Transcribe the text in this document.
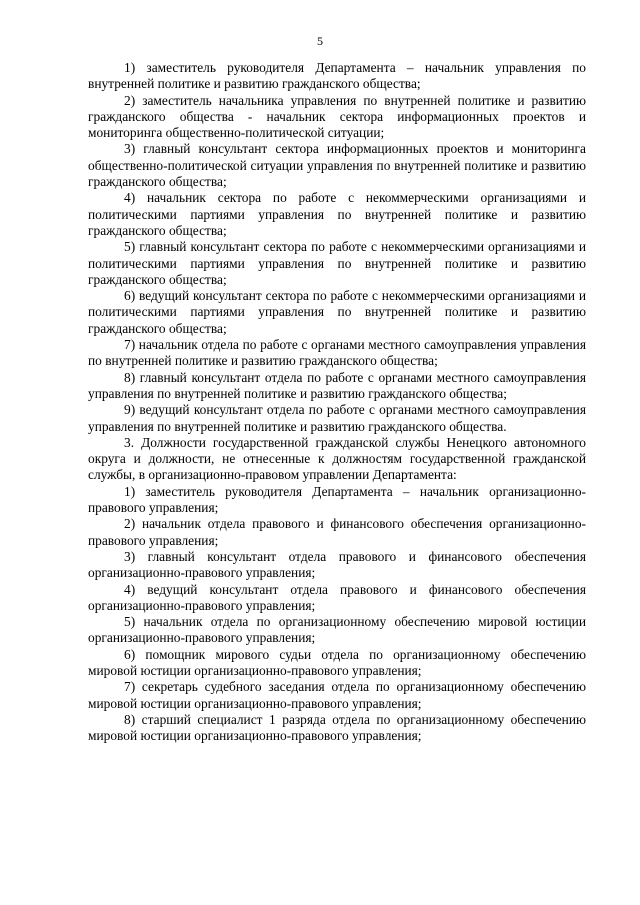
5

1) заместитель руководителя Департамента – начальник управления по внутренней политике и развитию гражданского общества;

2) заместитель начальника управления по внутренней политике и развитию гражданского общества - начальник сектора информационных проектов и мониторинга общественно-политической ситуации;

3) главный консультант сектора информационных проектов и мониторинга общественно-политической ситуации управления по внутренней политике и развитию гражданского общества;

4) начальник сектора по работе с некоммерческими организациями и политическими партиями управления по внутренней политике и развитию гражданского общества;

5) главный консультант сектора по работе с некоммерческими организациями и политическими партиями управления по внутренней политике и развитию гражданского общества;

6) ведущий консультант сектора по работе с некоммерческими организациями и политическими партиями управления по внутренней политике и развитию гражданского общества;

7) начальник отдела по работе с органами местного самоуправления управления по внутренней политике и развитию гражданского общества;

8) главный консультант отдела по работе с органами местного самоуправления управления по внутренней политике и развитию гражданского общества;

9) ведущий консультант отдела по работе с органами местного самоуправления управления по внутренней политике и развитию гражданского общества.

3. Должности государственной гражданской службы Ненецкого автономного округа и должности, не отнесенные к должностям государственной гражданской службы, в организационно-правовом управлении Департамента:

1) заместитель руководителя Департамента – начальник организационно-правового управления;

2) начальник отдела правового и финансового обеспечения организационно-правового управления;

3) главный консультант отдела правового и финансового обеспечения организационно-правового управления;

4) ведущий консультант отдела правового и финансового обеспечения организационно-правового управления;

5) начальник отдела по организационному обеспечению мировой юстиции организационно-правового управления;

6) помощник мирового судьи отдела по организационному обеспечению мировой юстиции организационно-правового управления;

7) секретарь судебного заседания отдела по организационному обеспечению мировой юстиции организационно-правового управления;

8) старший специалист 1 разряда отдела по организационному обеспечению мировой юстиции организационно-правового управления;
